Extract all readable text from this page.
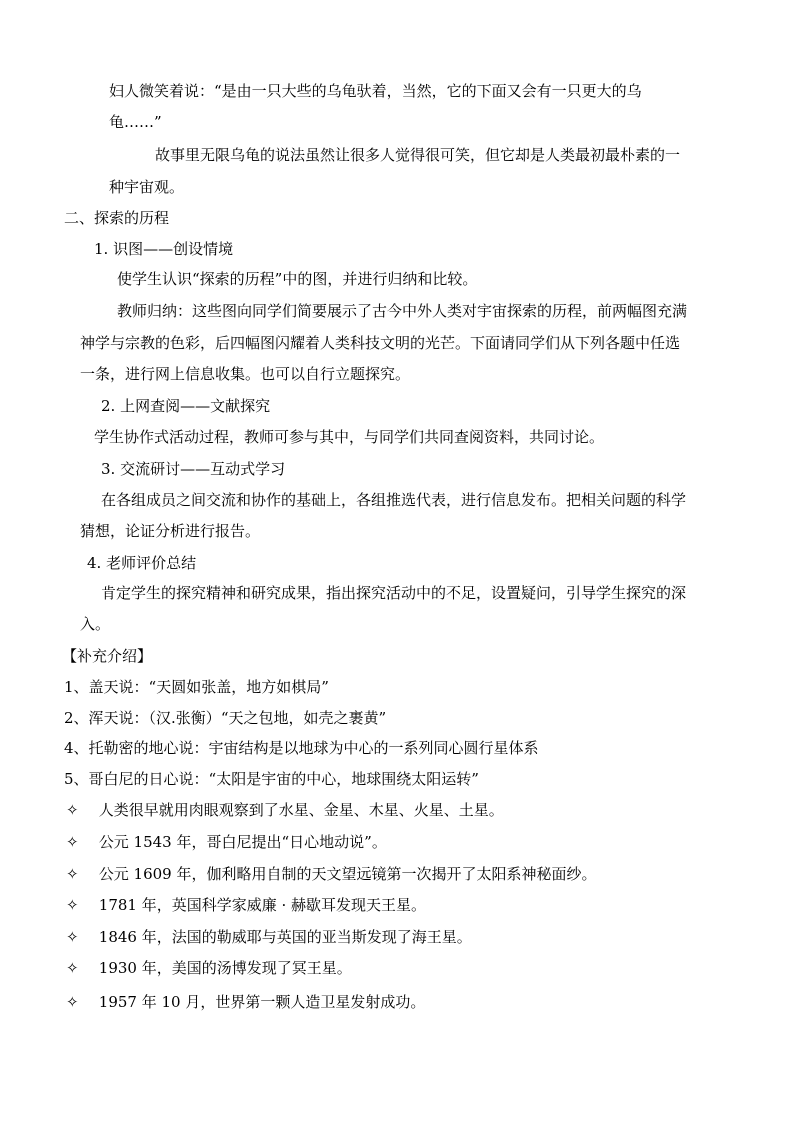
妇人微笑着说：“是由一只大些的乌龟驮着，当然，它的下面又会有一只更大的乌
龟……”
故事里无限乌龟的说法虽然让很多人觉得很可笑，但它却是人类最初最朴素的一
种宇宙观。
二、探索的历程
1. 识图——创设情境
使学生认识“探索的历程”中的图，并进行归纳和比较。
教师归纳：这些图向同学们简要展示了古今中外人类对宇宙探索的历程，前两幅图充满
神学与宗教的色彩，后四幅图闪耀着人类科技文明的光芒。下面请同学们从下列各题中任选
一条，进行网上信息收集。也可以自行立题探究。
2. 上网查阅——文献探究
学生协作式活动过程，教师可参与其中，与同学们共同查阅资料，共同讨论。
3. 交流研讨——互动式学习
在各组成员之间交流和协作的基础上，各组推选代表，进行信息发布。把相关问题的科学
猜想，论证分析进行报告。
4. 老师评价总结
肯定学生的探究精神和研究成果，指出探究活动中的不足，设置疑问，引导学生探究的深
入。
【补充介绍】
1、盖天说：“天圆如张盖，地方如棋局”
2、浑天说：（汉.张衡）“天之包地，如壳之裹黄”
4、托勒密的地心说：宇宙结构是以地球为中心的一系列同心圆行星体系
5、哥白尼的日心说：“太阳是宇宙的中心，地球围绕太阳运转”
✧ 人类很早就用肉眼观察到了水星、金星、木星、火星、土星。
✧ 公元 1543 年，哥白尼提出“日心地动说”。
✧ 公元 1609 年，伽利略用自制的天文望远镜第一次揭开了太阳系神秘面纱。
✧ 1781 年，英国科学家威廉 · 赫歇耳发现天王星。
✧ 1846 年，法国的勒威耶与英国的亚当斯发现了海王星。
✧ 1930 年，美国的汤博发现了冥王星。
✧ 1957 年 10 月，世界第一颗人造卫星发射成功。
